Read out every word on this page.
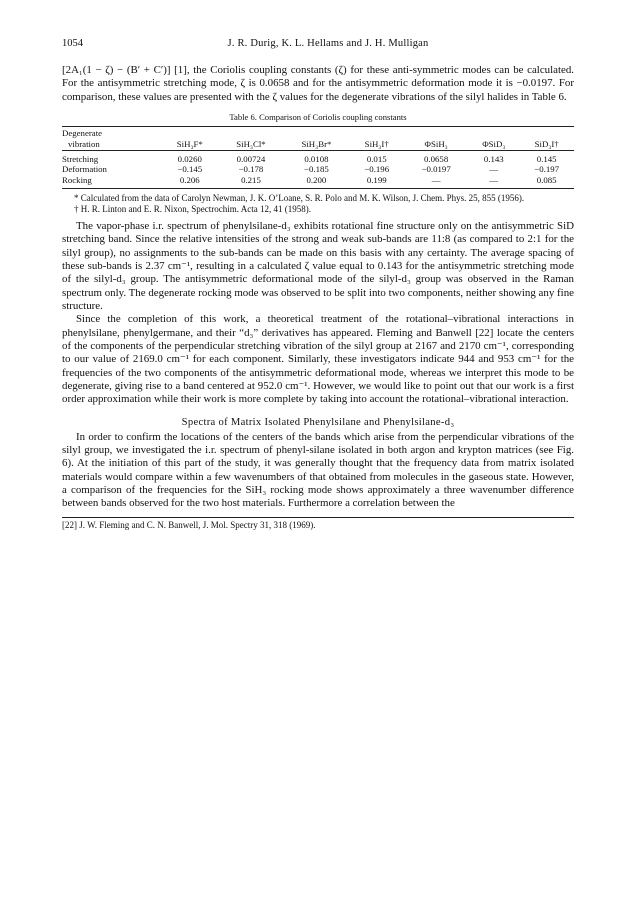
1054	J. R. Durig, K. L. Hellams and J. H. Mulligan

[2A₁(1 − ζ) − (B′ + C′)] [1], the Coriolis coupling constants (ζ) for these anti-symmetric modes can be calculated. For the antisymmetric stretching mode, ζ is 0.0658 and for the antisymmetric deformation mode it is −0.0197. For comparison, these values are presented with the ζ values for the degenerate vibrations of the silyl halides in Table 6.

Table 6. Comparison of Coriolis coupling constants
Degenerate
vibration	SiH₃F*	SiH₃Cl*	SiH₃Br*	SiH₃I†	ΦSiH₃	ΦSiD₃	SiD₃I†
Stretching	0.0260	0.00724	0.0108	0.015	0.0658	0.143	0.145
Deformation	−0.145	−0.178	−0.185	−0.196	−0.0197	—	−0.197
Rocking	0.206	0.215	0.200	0.199	—	—	0.085

* Calculated from the data of Carolyn Newman, J. K. O’Loane, S. R. Polo and M. K. Wilson, J. Chem. Phys. 25, 855 (1956).

† H. R. Linton and E. R. Nixon, Spectrochim. Acta 12, 41 (1958).

The vapor-phase i.r. spectrum of phenylsilane-d₃ exhibits rotational fine structure only on the antisymmetric SiD stretching band. Since the relative intensities of the strong and weak sub-bands are 11:8 (as compared to 2:1 for the silyl group), no assignments to the sub-bands can be made on this basis with any certainty. The average spacing of these sub-bands is 2.37 cm⁻¹, resulting in a calculated ζ value equal to 0.143 for the antisymmetric stretching mode of the silyl-d₃ group. The antisymmetric deformational mode of the silyl-d₃ group was observed in the Raman spectrum only. The degenerate rocking mode was observed to be split into two components, neither showing any fine structure.

Since the completion of this work, a theoretical treatment of the rotational–vibrational interactions in phenylsilane, phenylgermane, and their “d₃” derivatives has appeared. Fleming and Banwell [22] locate the centers of the components of the perpendicular stretching vibration of the silyl group at 2167 and 2170 cm⁻¹, corresponding to our value of 2169.0 cm⁻¹ for each component. Similarly, these investigators indicate 944 and 953 cm⁻¹ for the frequencies of the two components of the antisymmetric deformational mode, whereas we interpret this mode to be degenerate, giving rise to a band centered at 952.0 cm⁻¹. However, we would like to point out that our work is a first order approximation while their work is more complete by taking into account the rotational–vibrational interaction.

Spectra of Matrix Isolated Phenylsilane and Phenylsilane-d₃

In order to confirm the locations of the centers of the bands which arise from the perpendicular vibrations of the silyl group, we investigated the i.r. spectrum of phenyl-silane isolated in both argon and krypton matrices (see Fig. 6). At the initiation of this part of the study, it was generally thought that the frequency data from matrix isolated materials would compare within a few wavenumbers of that obtained from molecules in the gaseous state. However, a comparison of the frequencies for the SiH₃ rocking mode shows approximately a three wavenumber difference between bands observed for the two host materials. Furthermore a correlation between the

[22] J. W. Fleming and C. N. Banwell, J. Mol. Spectry 31, 318 (1969).
